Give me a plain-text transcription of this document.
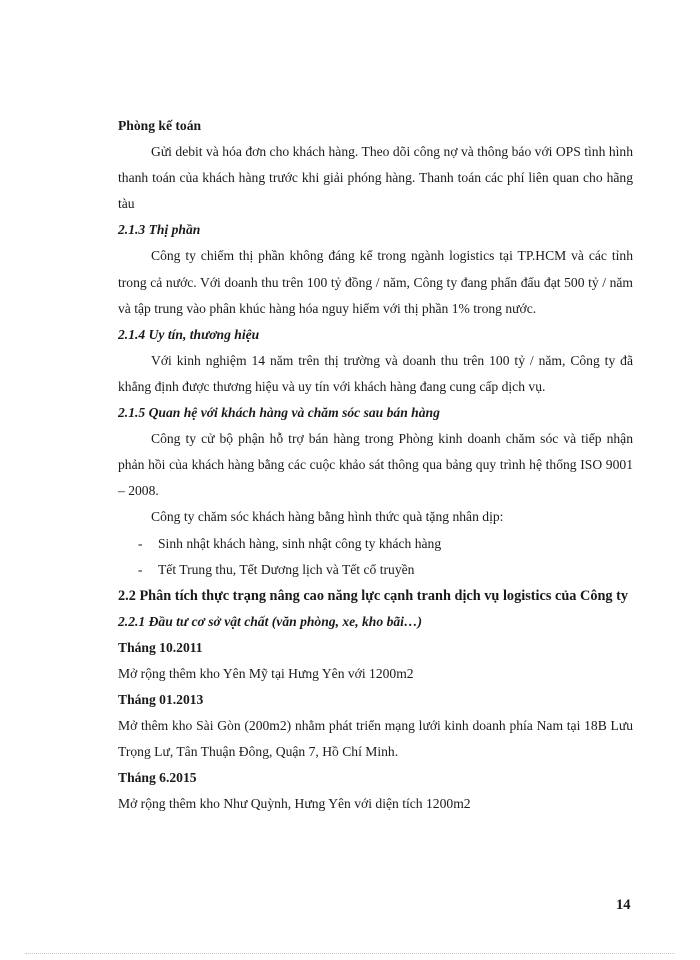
Phòng kế toán

Gửi debit và hóa đơn cho khách hàng. Theo dõi công nợ và thông báo với OPS tình hình thanh toán của khách hàng trước khi giải phóng hàng. Thanh toán các phí liên quan cho hãng tàu

2.1.3 Thị phần

Công ty chiếm thị phần không đáng kể trong ngành logistics tại TP.HCM và các tỉnh trong cả nước. Với doanh thu trên 100 tỷ đồng / năm, Công ty đang phấn đấu đạt 500 tỷ / năm và tập trung vào phân khúc hàng hóa nguy hiểm với thị phần 1% trong nước.

2.1.4 Uy tín, thương hiệu

Với kinh nghiệm 14 năm trên thị trường và doanh thu trên 100 tỷ / năm, Công ty đã khẳng định được thương hiệu và uy tín với khách hàng đang cung cấp dịch vụ.

2.1.5 Quan hệ với khách hàng và chăm sóc sau bán hàng

Công ty cử bộ phận hỗ trợ bán hàng trong Phòng kinh doanh chăm sóc và tiếp nhận phản hồi của khách hàng bằng các cuộc khảo sát thông qua bảng quy trình hệ thống ISO 9001 – 2008.

Công ty chăm sóc khách hàng bằng hình thức quà tặng nhân dịp:

-	Sinh nhật khách hàng, sinh nhật công ty khách hàng
-	Tết Trung thu, Tết Dương lịch và Tết cổ truyền

2.2 Phân tích thực trạng nâng cao năng lực cạnh tranh dịch vụ logistics của Công ty

2.2.1 Đầu tư cơ sở vật chất (văn phòng, xe, kho bãi…)

Tháng 10.2011

Mở rộng thêm kho Yên Mỹ tại Hưng Yên với 1200m2

Tháng 01.2013

Mở thêm kho Sài Gòn (200m2) nhằm phát triển mạng lưới kinh doanh phía Nam tại 18B Lưu Trọng Lư, Tân Thuận Đông, Quận 7, Hồ Chí Minh.

Tháng 6.2015

Mở rộng thêm kho Như Quỳnh, Hưng Yên với diện tích 1200m2

14
